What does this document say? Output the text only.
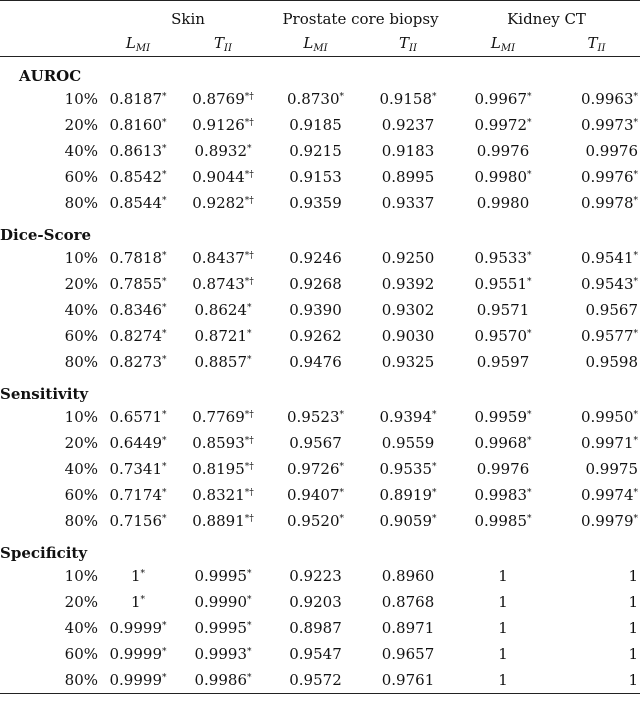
	Skin		Prostate core biopsy		Kidney CT	
	$L_{MI}$	$T_{II}$	$L_{MI}$	$T_{II}$	$L_{MI}$	$T_{II}$
AUROC						
10%	0.8187*	0.8769*†	0.8730*	0.9158*	0.9967*	0.9963*
20%	0.8160*	0.9126*†	0.9185	0.9237	0.9972*	0.9973*
40%	0.8613*	0.8932*	0.9215	0.9183	0.9976	0.9976
60%	0.8542*	0.9044*†	0.9153	0.8995	0.9980*	0.9976*
80%	0.8544*	0.9282*†	0.9359	0.9337	0.9980	0.9978*
Dice-Score						
10%	0.7818*	0.8437*†	0.9246	0.9250	0.9533*	0.9541*
20%	0.7855*	0.8743*†	0.9268	0.9392	0.9551*	0.9543*
40%	0.8346*	0.8624*	0.9390	0.9302	0.9571	0.9567
60%	0.8274*	0.8721*	0.9262	0.9030	0.9570*	0.9577*
80%	0.8273*	0.8857*	0.9476	0.9325	0.9597	0.9598
Sensitivity						
10%	0.6571*	0.7769*†	0.9523*	0.9394*	0.9959*	0.9950*
20%	0.6449*	0.8593*†	0.9567	0.9559	0.9968*	0.9971*
40%	0.7341*	0.8195*†	0.9726*	0.9535*	0.9976	0.9975
60%	0.7174*	0.8321*†	0.9407*	0.8919*	0.9983*	0.9974*
80%	0.7156*	0.8891*†	0.9520*	0.9059*	0.9985*	0.9979*
Specificity						
10%	1*	0.9995*	0.9223	0.8960	1	1
20%	1*	0.9990*	0.9203	0.8768	1	1
40%	0.9999*	0.9995*	0.8987	0.8971	1	1
60%	0.9999*	0.9993*	0.9547	0.9657	1	1
80%	0.9999*	0.9986*	0.9572	0.9761	1	1
